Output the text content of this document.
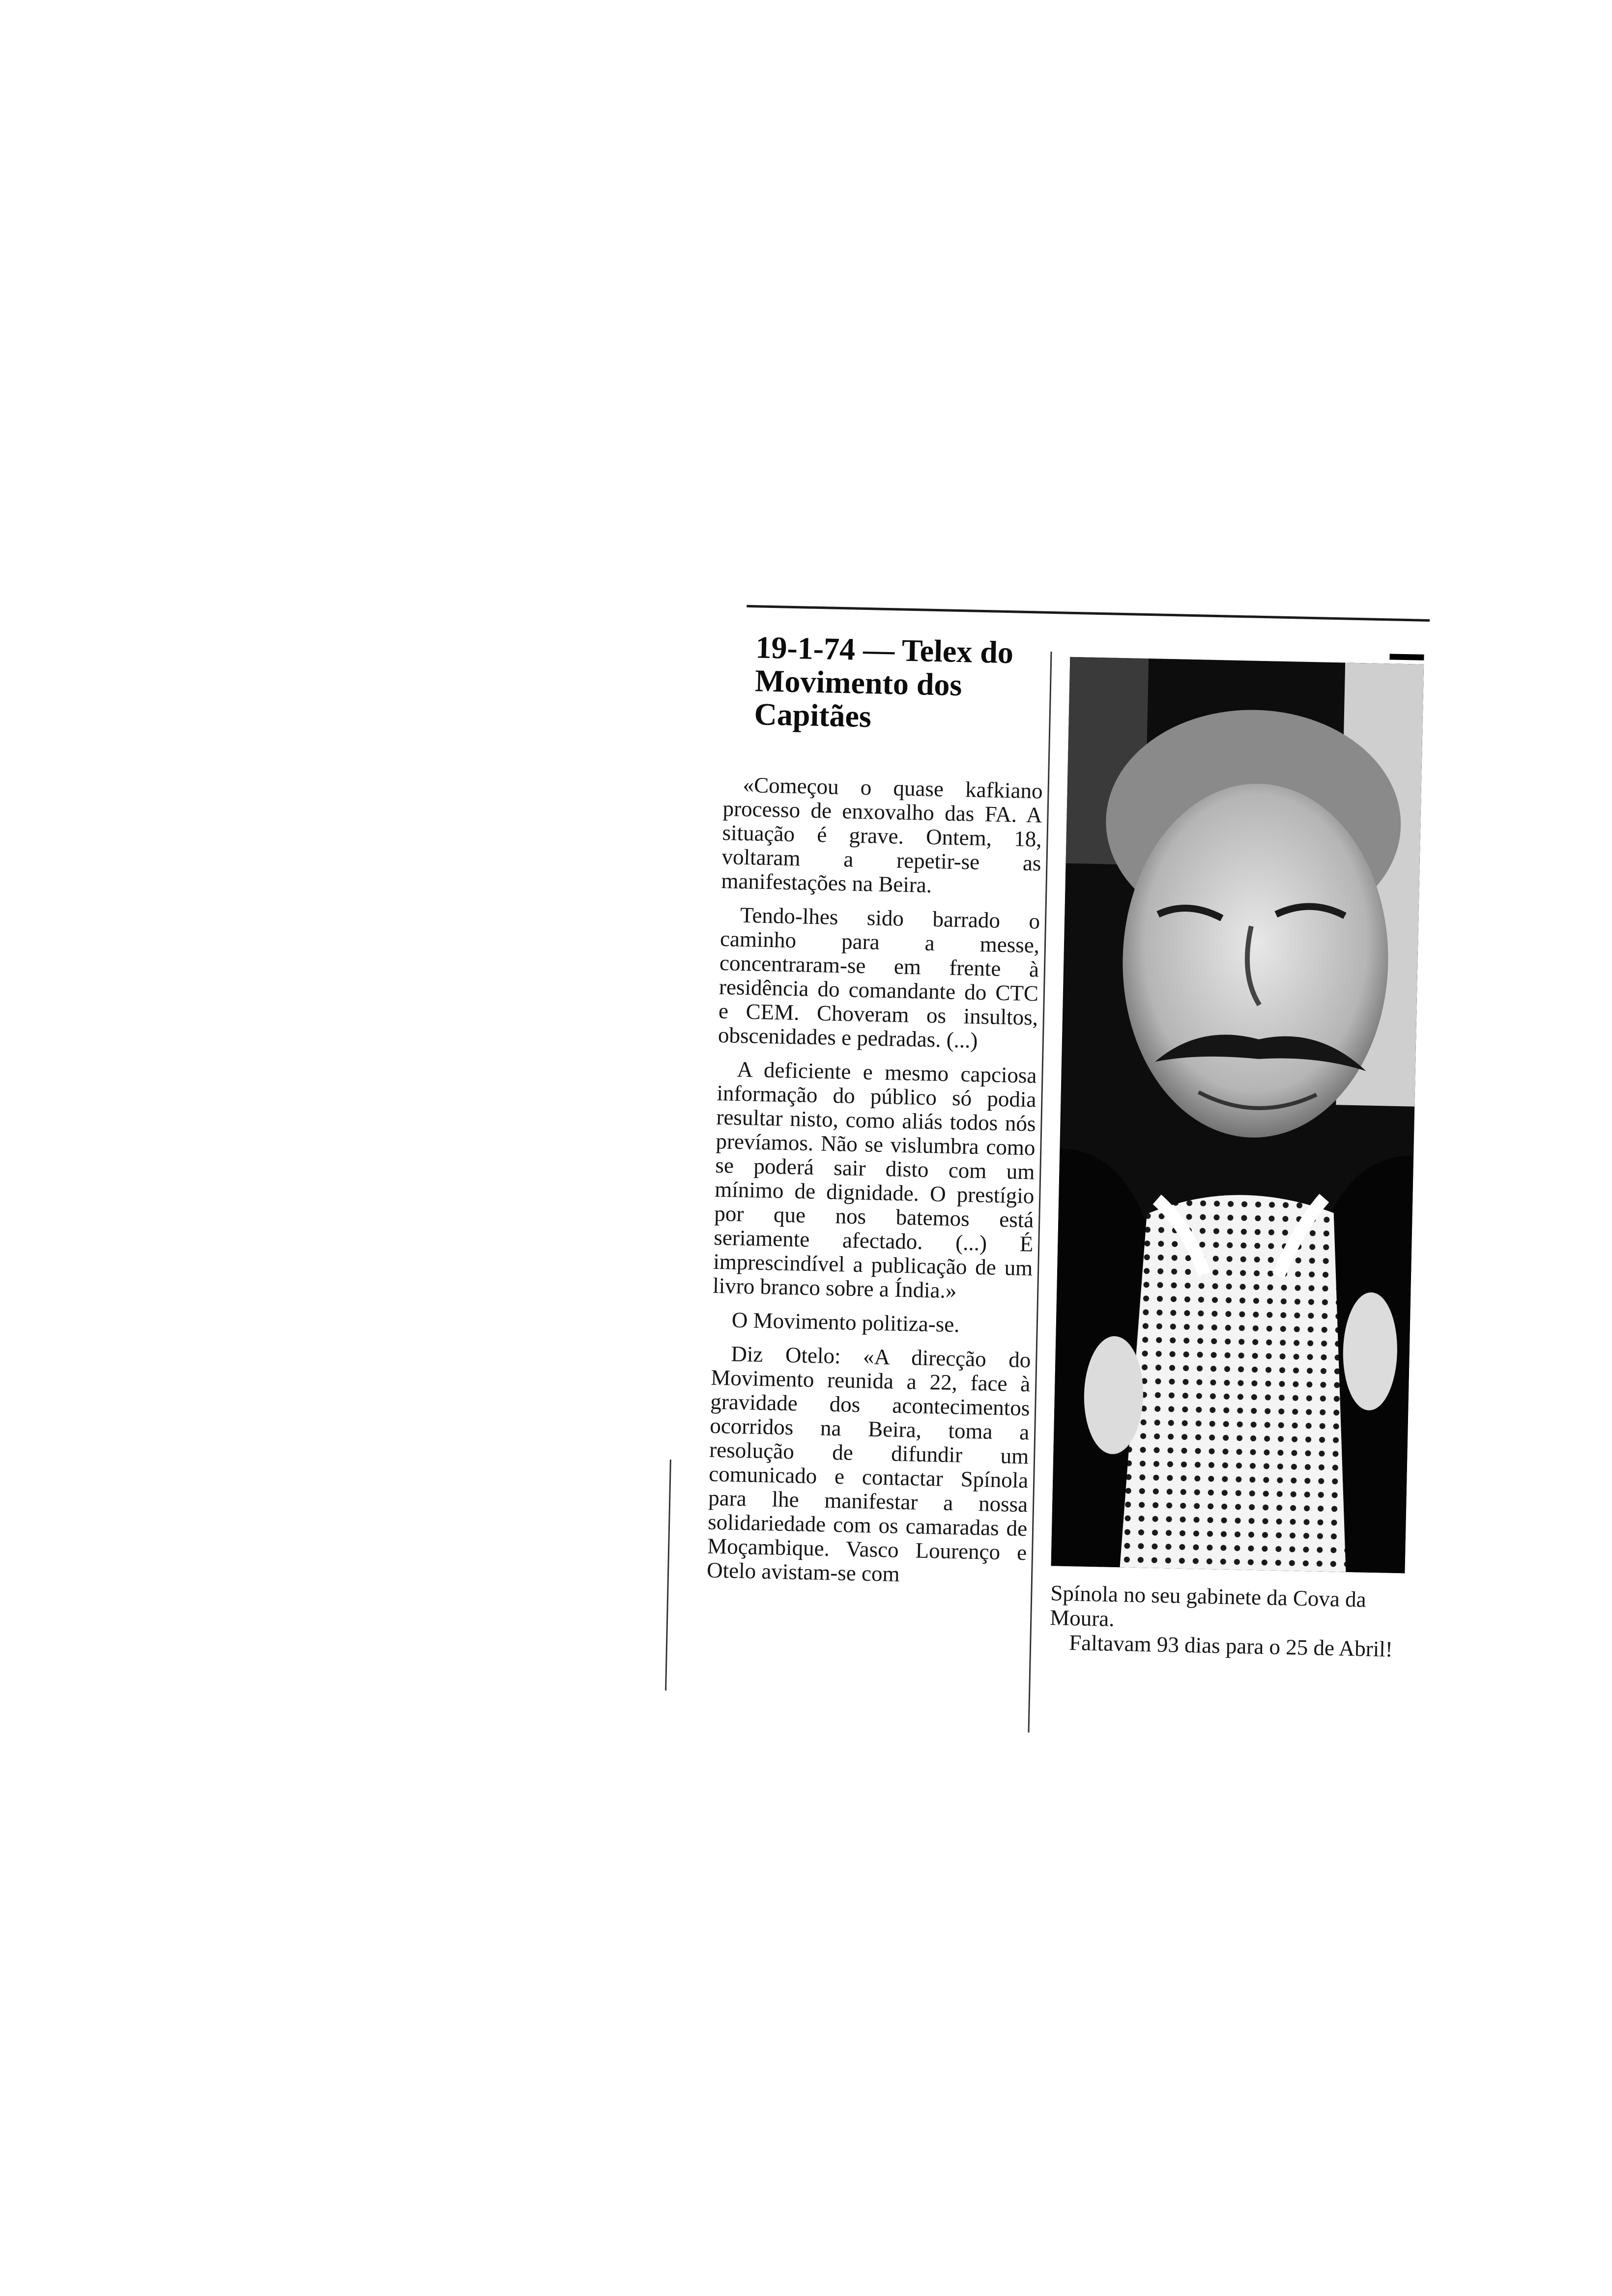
19-1-74 — Telex do Movimento dos Capitães

«Começou o quase kafkiano processo de enxovalho das FA. A situação é grave. Ontem, 18, voltaram a repetir-se as manifestações na Beira.

Tendo-lhes sido barrado o caminho para a messe, concentraram-se em frente à residência do comandante do CTC e CEM. Choveram os insultos, obscenidades e pedradas. (...)

A deficiente e mesmo capciosa informação do público só podia resultar nisto, como aliás todos nós prevíamos. Não se vislumbra como se poderá sair disto com um mínimo de dignidade. O prestígio por que nos batemos está seriamente afectado. (...) É imprescindível a publicação de um livro branco sobre a Índia.»

O Movimento politiza-se.

Diz Otelo: «A direcção do Movimento reunida a 22, face à gravidade dos acontecimentos ocorridos na Beira, toma a resolução de difundir um comunicado e contactar Spínola para lhe manifestar a nossa solidariedade com os camaradas de Moçambique. Vasco Lourenço e Otelo avistam-se com

Spínola no seu gabinete da Cova da Moura.

Faltavam 93 dias para o 25 de Abril!
